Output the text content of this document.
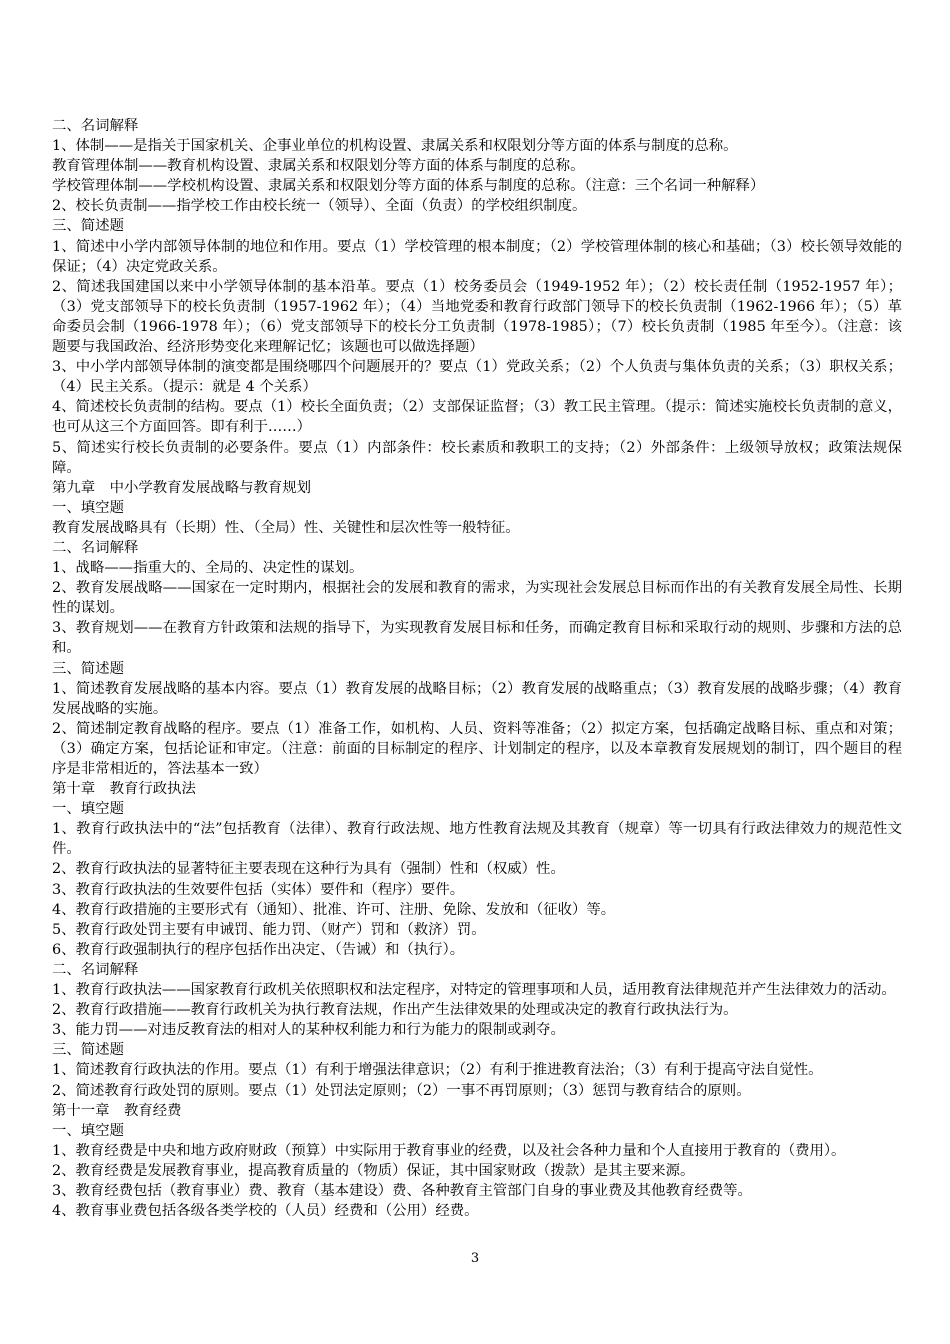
二、名词解释

1、体制——是指关于国家机关、企事业单位的机构设置、隶属关系和权限划分等方面的体系与制度的总称。

教育管理体制——教育机构设置、隶属关系和权限划分等方面的体系与制度的总称。

学校管理体制——学校机构设置、隶属关系和权限划分等方面的体系与制度的总称。（注意：三个名词一种解释）

2、校长负责制——指学校工作由校长统一（领导）、全面（负责）的学校组织制度。

三、简述题

1、简述中小学内部领导体制的地位和作用。要点（1）学校管理的根本制度；（2）学校管理体制的核心和基础；（3）校长领导效能的保证；（4）决定党政关系。

2、简述我国建国以来中小学领导体制的基本沿革。要点（1）校务委员会（1949-1952 年）；（2）校长责任制（1952-1957 年）；（3）党支部领导下的校长负责制（1957-1962 年）；（4）当地党委和教育行政部门领导下的校长负责制（1962-1966 年）；（5）革命委员会制（1966-1978 年）；（6）党支部领导下的校长分工负责制（1978-1985）；（7）校长负责制（1985 年至今）。（注意：该题要与我国政治、经济形势变化来理解记忆；该题也可以做选择题）

3、中小学内部领导体制的演变都是围绕哪四个问题展开的？要点（1）党政关系；（2）个人负责与集体负责的关系；（3）职权关系；（4）民主关系。（提示：就是 4 个关系）

4、简述校长负责制的结构。要点（1）校长全面负责；（2）支部保证监督；（3）教工民主管理。（提示：简述实施校长负责制的意义，也可从这三个方面回答。即有利于……）

5、简述实行校长负责制的必要条件。要点（1）内部条件：校长素质和教职工的支持；（2）外部条件：上级领导放权；政策法规保障。

第九章　中小学教育发展战略与教育规划

一、填空题

教育发展战略具有（长期）性、（全局）性、关键性和层次性等一般特征。

二、名词解释

1、战略——指重大的、全局的、决定性的谋划。

2、教育发展战略——国家在一定时期内，根据社会的发展和教育的需求，为实现社会发展总目标而作出的有关教育发展全局性、长期性的谋划。

3、教育规划——在教育方针政策和法规的指导下，为实现教育发展目标和任务，而确定教育目标和采取行动的规则、步骤和方法的总和。

三、简述题

1、简述教育发展战略的基本内容。要点（1）教育发展的战略目标；（2）教育发展的战略重点；（3）教育发展的战略步骤；（4）教育发展战略的实施。

2、简述制定教育战略的程序。要点（1）准备工作，如机构、人员、资料等准备；（2）拟定方案，包括确定战略目标、重点和对策；（3）确定方案，包括论证和审定。（注意：前面的目标制定的程序、计划制定的程序，以及本章教育发展规划的制订，四个题目的程序是非常相近的，答法基本一致）

第十章　教育行政执法

一、填空题

1、教育行政执法中的“法”包括教育（法律）、教育行政法规、地方性教育法规及其教育（规章）等一切具有行政法律效力的规范性文件。

2、教育行政执法的显著特征主要表现在这种行为具有（强制）性和（权威）性。

3、教育行政执法的生效要件包括（实体）要件和（程序）要件。

4、教育行政措施的主要形式有（通知）、批准、许可、注册、免除、发放和（征收）等。

5、教育行政处罚主要有申诫罚、能力罚、（财产）罚和（救济）罚。

6、教育行政强制执行的程序包括作出决定、（告诫）和（执行）。

二、名词解释

1、教育行政执法——国家教育行政机关依照职权和法定程序，对特定的管理事项和人员，适用教育法律规范并产生法律效力的活动。

2、教育行政措施——教育行政机关为执行教育法规，作出产生法律效果的处理或决定的教育行政执法行为。

3、能力罚——对违反教育法的相对人的某种权利能力和行为能力的限制或剥夺。

三、简述题

1、简述教育行政执法的作用。要点（1）有利于增强法律意识；（2）有利于推进教育法治；（3）有利于提高守法自觉性。

2、简述教育行政处罚的原则。要点（1）处罚法定原则；（2）一事不再罚原则；（3）惩罚与教育结合的原则。

第十一章　教育经费

一、填空题

1、教育经费是中央和地方政府财政（预算）中实际用于教育事业的经费，以及社会各种力量和个人直接用于教育的（费用）。

2、教育经费是发展教育事业，提高教育质量的（物质）保证，其中国家财政（拨款）是其主要来源。

3、教育经费包括（教育事业）费、教育（基本建设）费、各种教育主管部门自身的事业费及其他教育经费等。

4、教育事业费包括各级各类学校的（人员）经费和（公用）经费。

3
